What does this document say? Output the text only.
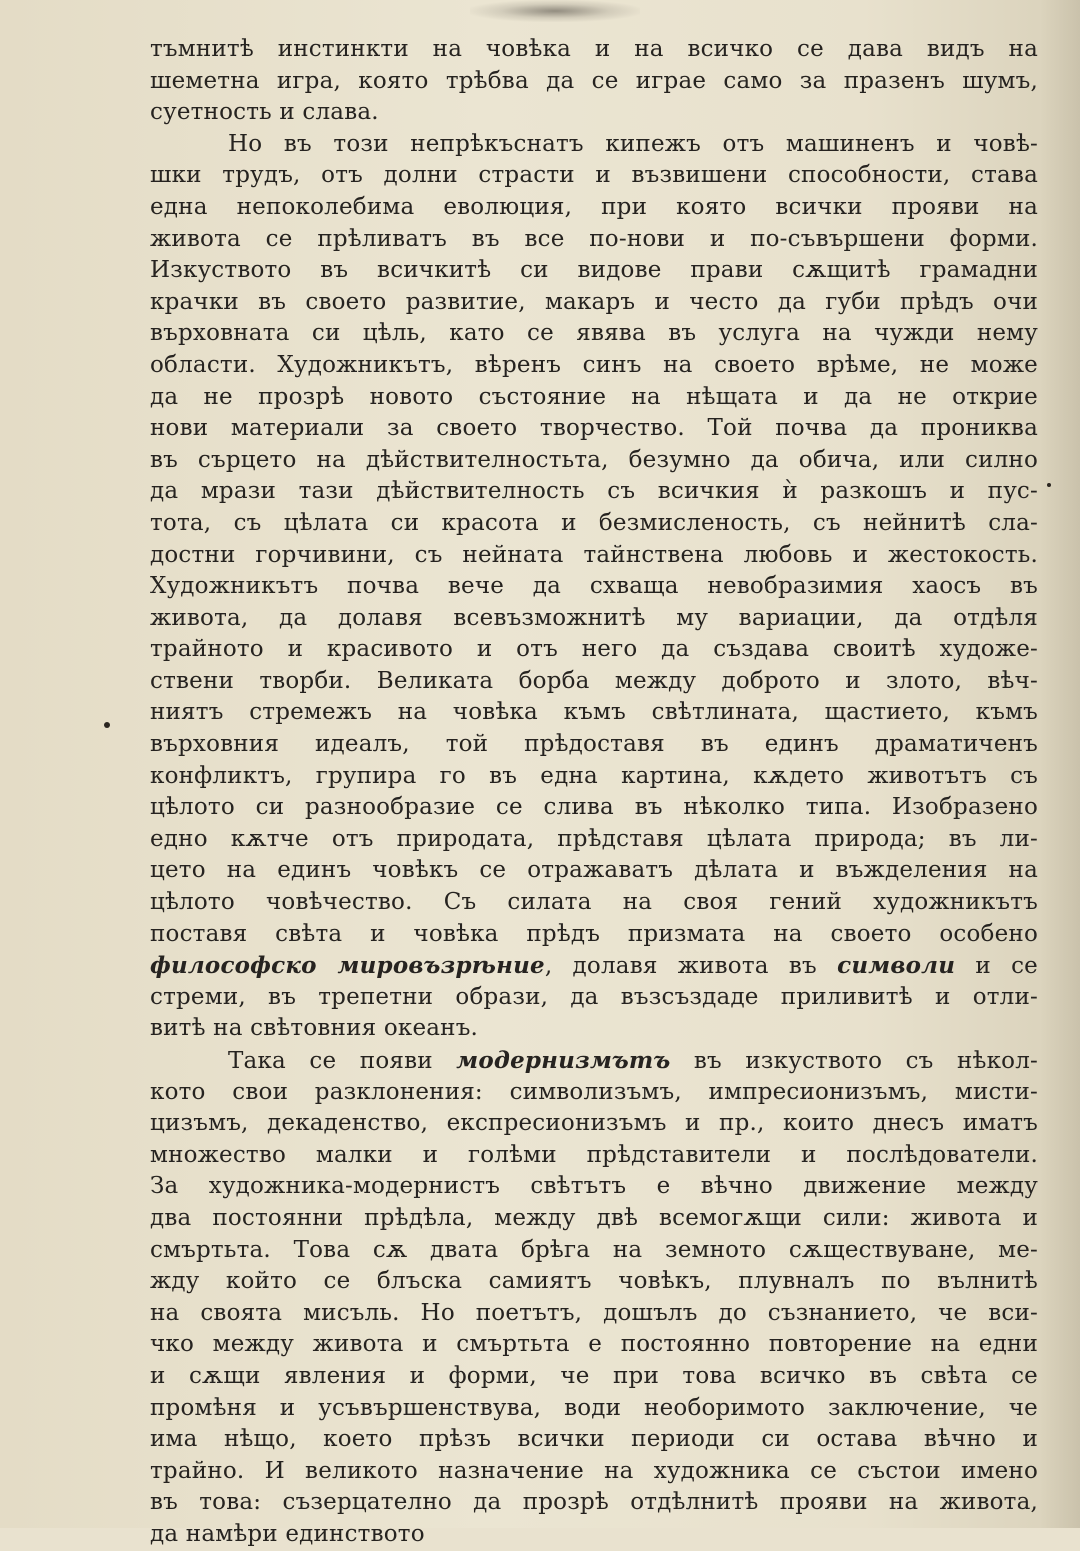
тъмнитѣ инстинкти на човѣка и на всичко се дава видъ на
шеметна игра, която трѣбва да се играе само за празенъ шумъ,
суетность и слава.
Но въ този непрѣкъснатъ кипежъ отъ машиненъ и човѣ-
шки трудъ, отъ долни страсти и възвишени способности, става
една непоколебима еволюция, при която всички прояви на
живота се прѣливатъ въ все по-нови и по-съвършени форми.
Изкуството въ всичкитѣ си видове прави сѫщитѣ грамадни
крачки въ своето развитие, макаръ и често да губи прѣдъ очи
върховната си цѣль, като се явява въ услуга на чужди нему
области. Художникътъ, вѣренъ синъ на своето врѣме, не може
да не прозрѣ новото състояние на нѣщата и да не открие
нови материали за своето творчество. Той почва да прониква
въ сърцето на дѣйствителностьта, безумно да обича, или силно
да мрази тази дѣйствителность съ всичкия ѝ разкошъ и пус-
тота, съ цѣлата си красота и безмисленость, съ нейнитѣ сла-
достни горчивини, съ нейната тайнствена любовь и жестокость.
Художникътъ почва вече да схваща невобразимия хаосъ въ
живота, да долавя всевъзможнитѣ му вариации, да отдѣля
трайното и красивото и отъ него да създава своитѣ художе-
ствени творби. Великата борба между доброто и злото, вѣч-
ниятъ стремежъ на човѣка къмъ свѣтлината, щастието, къмъ
върховния идеалъ, той прѣдоставя въ единъ драматиченъ
конфликтъ, групира го въ една картина, кѫдето животътъ съ
цѣлото си разнообразие се слива въ нѣколко типа. Изобразено
едно кѫтче отъ природата, прѣдставя цѣлата природа; въ ли-
цето на единъ човѣкъ се отражаватъ дѣлата и въжделения на
цѣлото човѣчество. Съ силата на своя гений художникътъ
поставя свѣта и човѣка прѣдъ призмата на своето особено
философско мировъзрѣние, долавя живота въ символи и се
стреми, въ трепетни образи, да възсъздаде приливитѣ и отли-
витѣ на свѣтовния океанъ.
Така се появи модернизмътъ въ изкуството съ нѣкол-
кото свои разклонения: символизъмъ, импресионизъмъ, мисти-
цизъмъ, декаденство, експресионизъмъ и пр., които днесъ иматъ
множество малки и голѣми прѣдставители и послѣдователи.
За художника-модернистъ свѣтътъ е вѣчно движение между
два постоянни прѣдѣла, между двѣ всемогѫщи сили: живота и
смъртьта. Това сѫ двата брѣга на земното сѫществуване, ме-
жду който се блъска самиятъ човѣкъ, плувналъ по вълнитѣ
на своята мисъль. Но поетътъ, дошълъ до съзнанието, че вси-
чко между живота и смъртьта е постоянно повторение на едни
и сѫщи явления и форми, че при това всичко въ свѣта се
промѣня и усъвършенствува, води необоримото заключение, че
има нѣщо, което прѣзъ всички периоди си остава вѣчно и
трайно. И великото назначение на художника се състои имено
въ това: съзерцателно да прозрѣ отдѣлнитѣ прояви на живота,
да намѣри единството
